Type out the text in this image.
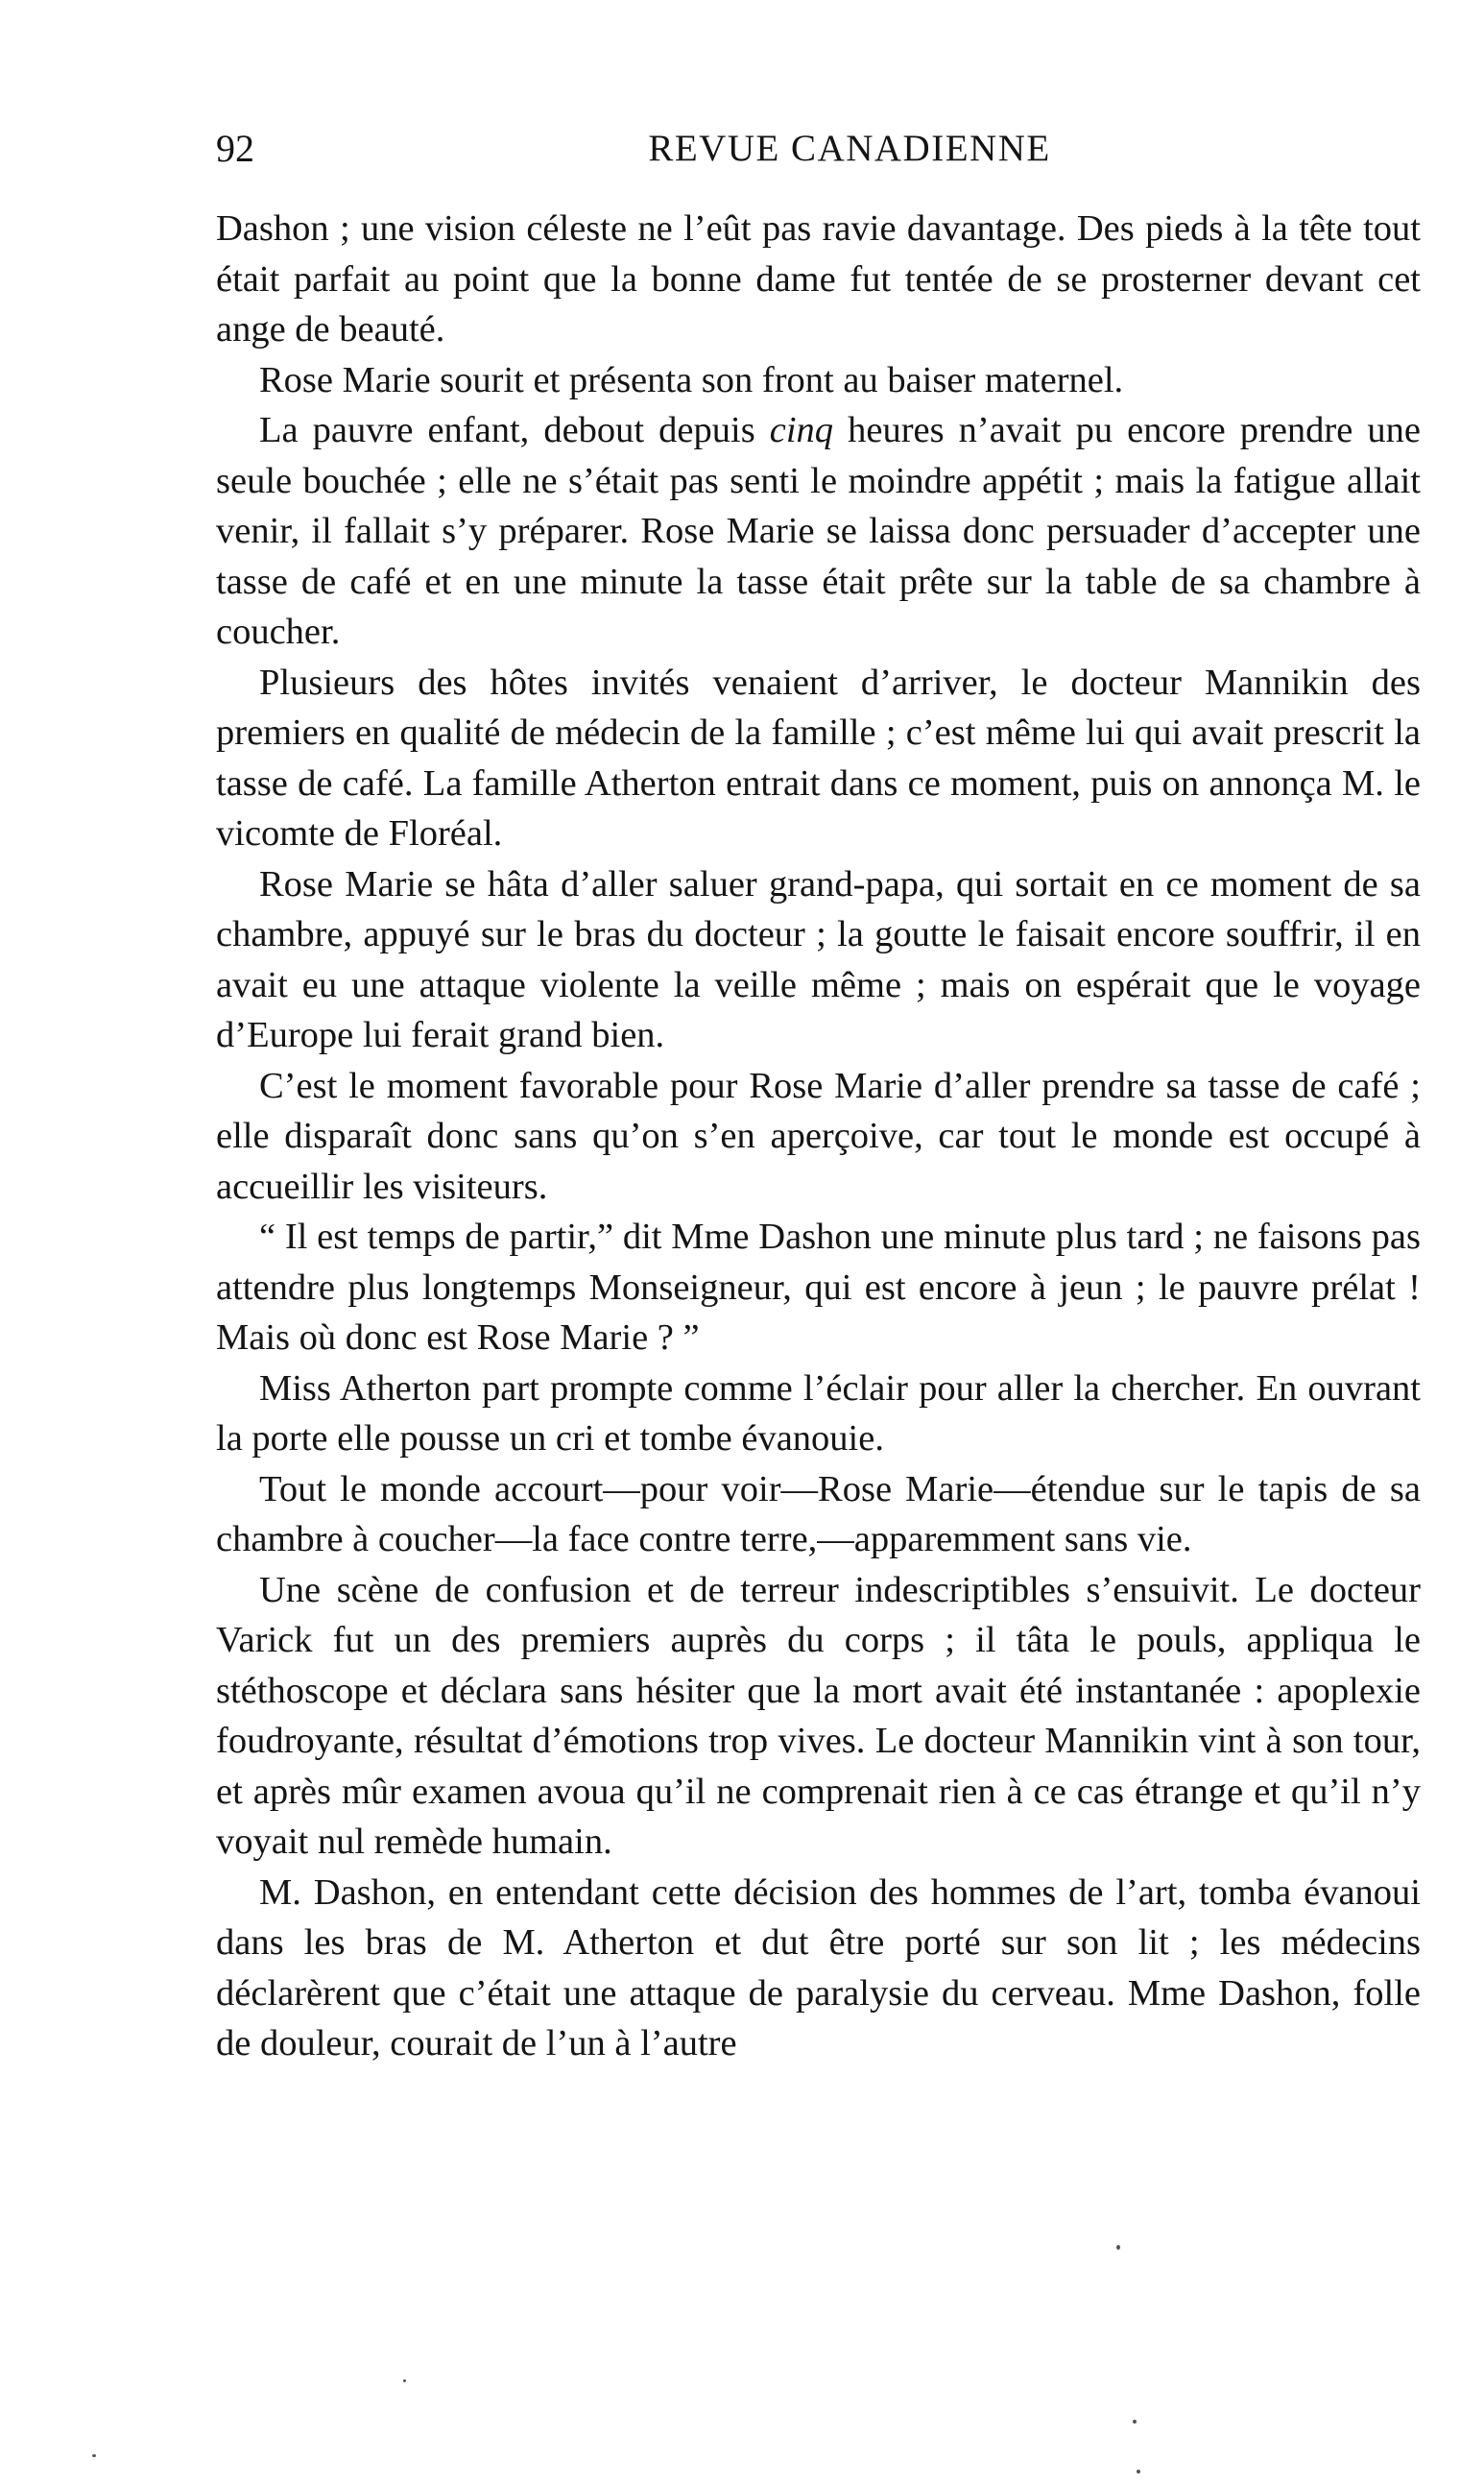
92	REVUE CANADIENNE

Dashon ; une vision céleste ne l’eût pas ravie davantage. Des pieds à la tête tout était parfait au point que la bonne dame fut tentée de se prosterner devant cet ange de beauté.

Rose Marie sourit et présenta son front au baiser maternel.

La pauvre enfant, debout depuis cinq heures n’avait pu encore prendre une seule bouchée ; elle ne s’était pas senti le moindre appétit ; mais la fatigue allait venir, il fallait s’y préparer. Rose Marie se laissa donc persuader d’accepter une tasse de café et en une minute la tasse était prête sur la table de sa chambre à coucher.

Plusieurs des hôtes invités venaient d’arriver, le docteur Mannikin des premiers en qualité de médecin de la famille ; c’est même lui qui avait prescrit la tasse de café. La famille Atherton entrait dans ce moment, puis on annonça M. le vicomte de Floréal.

Rose Marie se hâta d’aller saluer grand-papa, qui sortait en ce moment de sa chambre, appuyé sur le bras du docteur ; la goutte le faisait encore souffrir, il en avait eu une attaque violente la veille même ; mais on espérait que le voyage d’Europe lui ferait grand bien.

C’est le moment favorable pour Rose Marie d’aller prendre sa tasse de café ; elle disparaît donc sans qu’on s’en aperçoive, car tout le monde est occupé à accueillir les visiteurs.

“ Il est temps de partir,” dit Mme Dashon une minute plus tard ; ne faisons pas attendre plus longtemps Monseigneur, qui est encore à jeun ; le pauvre prélat ! Mais où donc est Rose Marie ? ”

Miss Atherton part prompte comme l’éclair pour aller la chercher. En ouvrant la porte elle pousse un cri et tombe évanouie.

Tout le monde accourt—pour voir—Rose Marie—étendue sur le tapis de sa chambre à coucher—la face contre terre,—apparemment sans vie.

Une scène de confusion et de terreur indescriptibles s’ensuivit. Le docteur Varick fut un des premiers auprès du corps ; il tâta le pouls, appliqua le stéthoscope et déclara sans hésiter que la mort avait été instantanée : apoplexie foudroyante, résultat d’émotions trop vives. Le docteur Mannikin vint à son tour, et après mûr examen avoua qu’il ne comprenait rien à ce cas étrange et qu’il n’y voyait nul remède humain.

M. Dashon, en entendant cette décision des hommes de l’art, tomba évanoui dans les bras de M. Atherton et dut être porté sur son lit ; les médecins déclarèrent que c’était une attaque de paralysie du cerveau. Mme Dashon, folle de douleur, courait de l’un à l’autre
